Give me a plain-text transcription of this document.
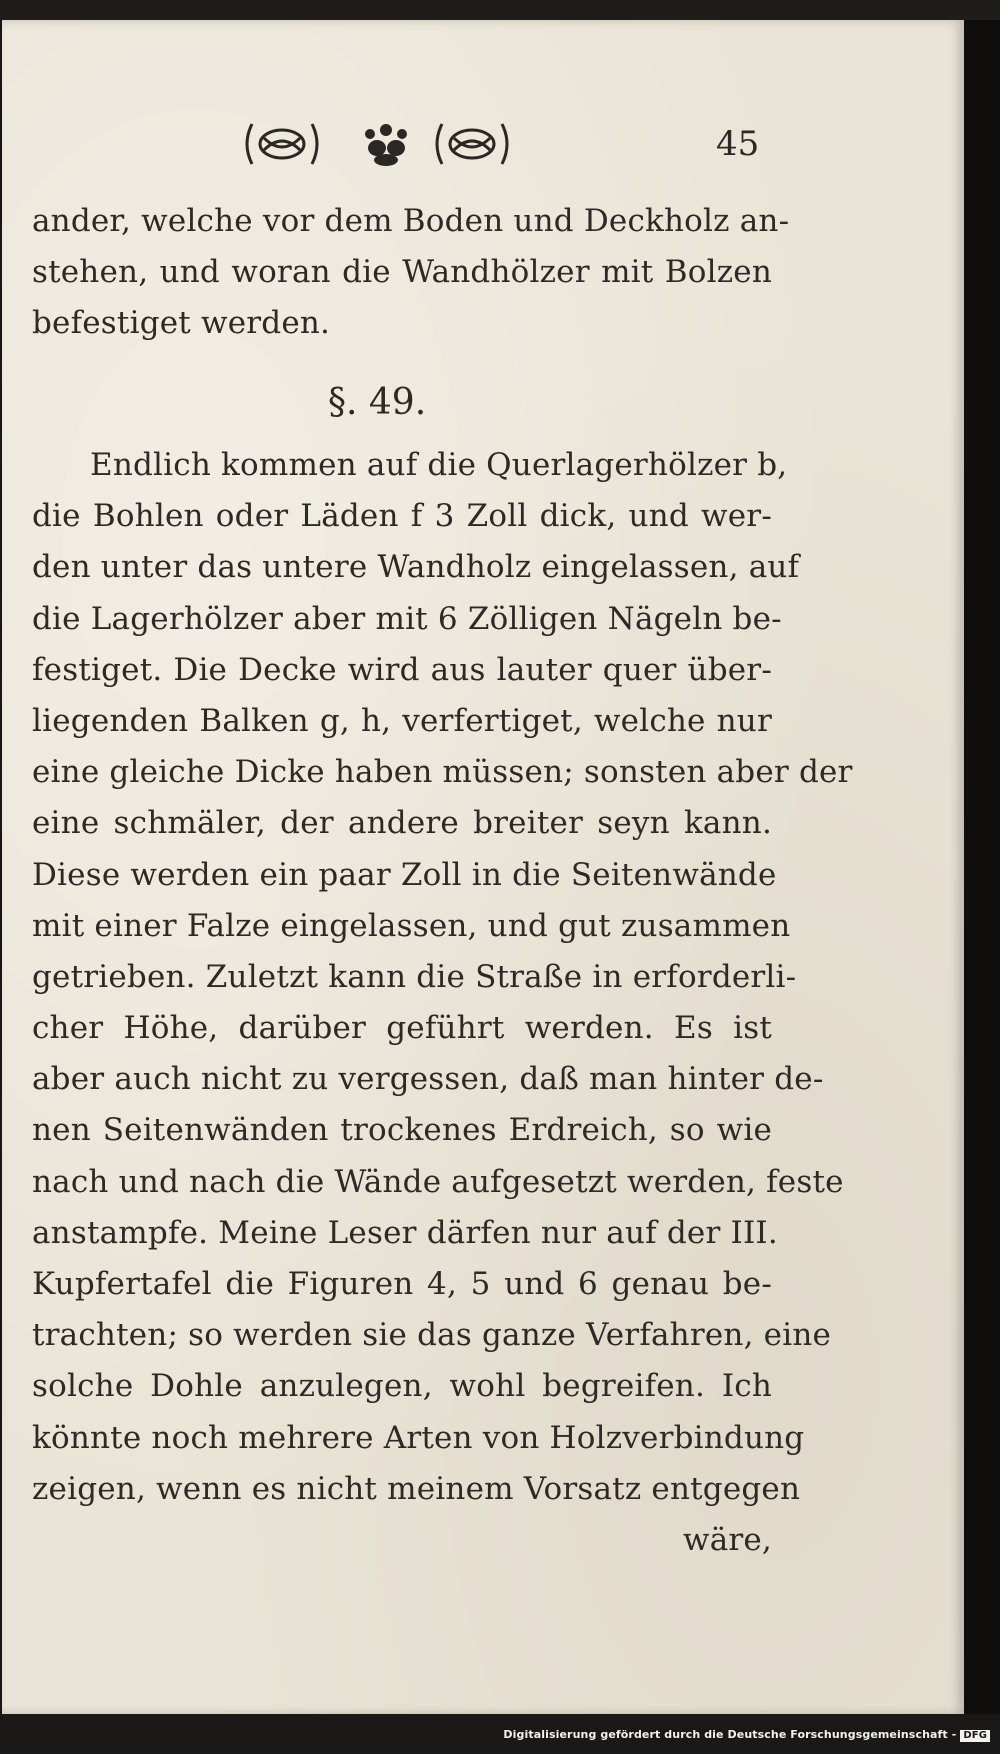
45
ander, welche vor dem Boden und Deckholz an-
stehen, und woran die Wandhölzer mit Bolzen
befestiget werden.
§. 49.
Endlich kommen auf die Querlagerhölzer b,
die Bohlen oder Läden f 3 Zoll dick, und wer-
den unter das untere Wandholz eingelassen, auf
die Lagerhölzer aber mit 6 Zölligen Nägeln be-
festiget. Die Decke wird aus lauter quer über-
liegenden Balken g, h, verfertiget, welche nur
eine gleiche Dicke haben müssen; sonsten aber der
eine schmäler, der andere breiter seyn kann.
Diese werden ein paar Zoll in die Seitenwände
mit einer Falze eingelassen, und gut zusammen
getrieben. Zuletzt kann die Straße in erforderli-
cher Höhe, darüber geführt werden. Es ist
aber auch nicht zu vergessen, daß man hinter de-
nen Seitenwänden trockenes Erdreich, so wie
nach und nach die Wände aufgesetzt werden, feste
anstampfe. Meine Leser därfen nur auf der III.
Kupfertafel die Figuren 4, 5 und 6 genau be-
trachten; so werden sie das ganze Verfahren, eine
solche Dohle anzulegen, wohl begreifen. Ich
könnte noch mehrere Arten von Holzverbindung
zeigen, wenn es nicht meinem Vorsatz entgegen
wäre,
Digitalisierung gefördert durch die Deutsche Forschungsgemeinschaft - DFG
